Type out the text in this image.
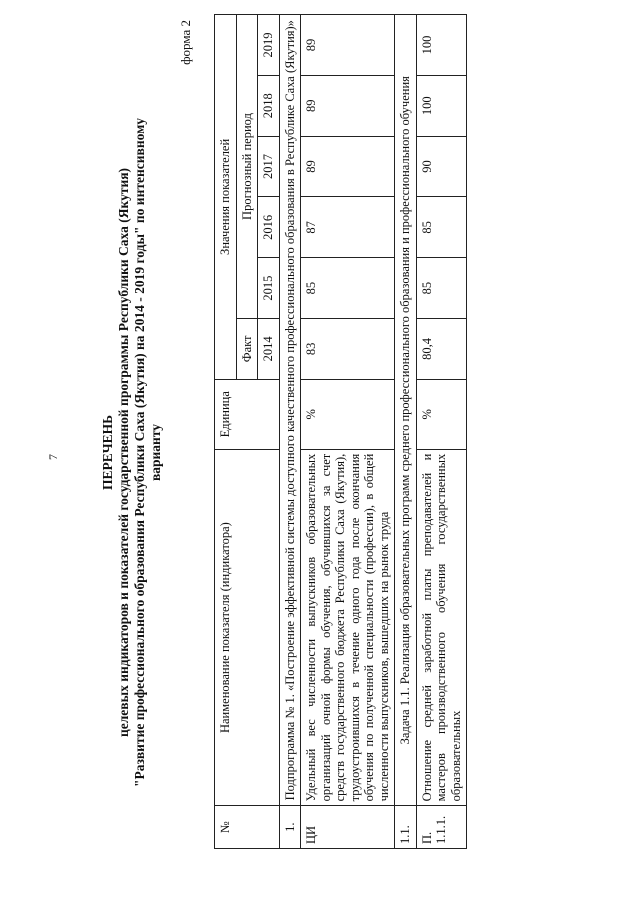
7	ПЕРЕЧЕНЬ целевых индикаторов и показателей государственной программы Республики Саха (Якутия) "Развитие профессионального образования Республики Саха (Якутия) на 2014 - 2019 годы" по интенсивному варианту
форма 2
№	Наименование показателя (индикатора)	Единица	Значения показателей					
			Факт	Прогнозный период				
			2014	2015	2016	2017	2018	2019
1.	Подпрограмма № 1. «Построение эффективной системы доступного качественного профессионального образования в Республике Саха (Якутия)»							
ЦИ	Удельный вес численности выпускников образовательных организаций очной формы обучения, обучившихся за счет средств государственного бюджета Республики Саха (Якутия), трудоустроившихся в течение одного года после окончания обучения по полученной специальности (профессии), в общей численности выпускников, вышедших на рынок труда	%	83	85	87	89	89	89
1.1.	Задача 1.1. Реализация образовательных программ среднего профессионального образования и профессионального обучения							
П. 1.1.1.	Отношение средней заработной платы преподавателей и мастеров производственного обучения государственных образовательных	%	80,4	85	85	90	100	100
